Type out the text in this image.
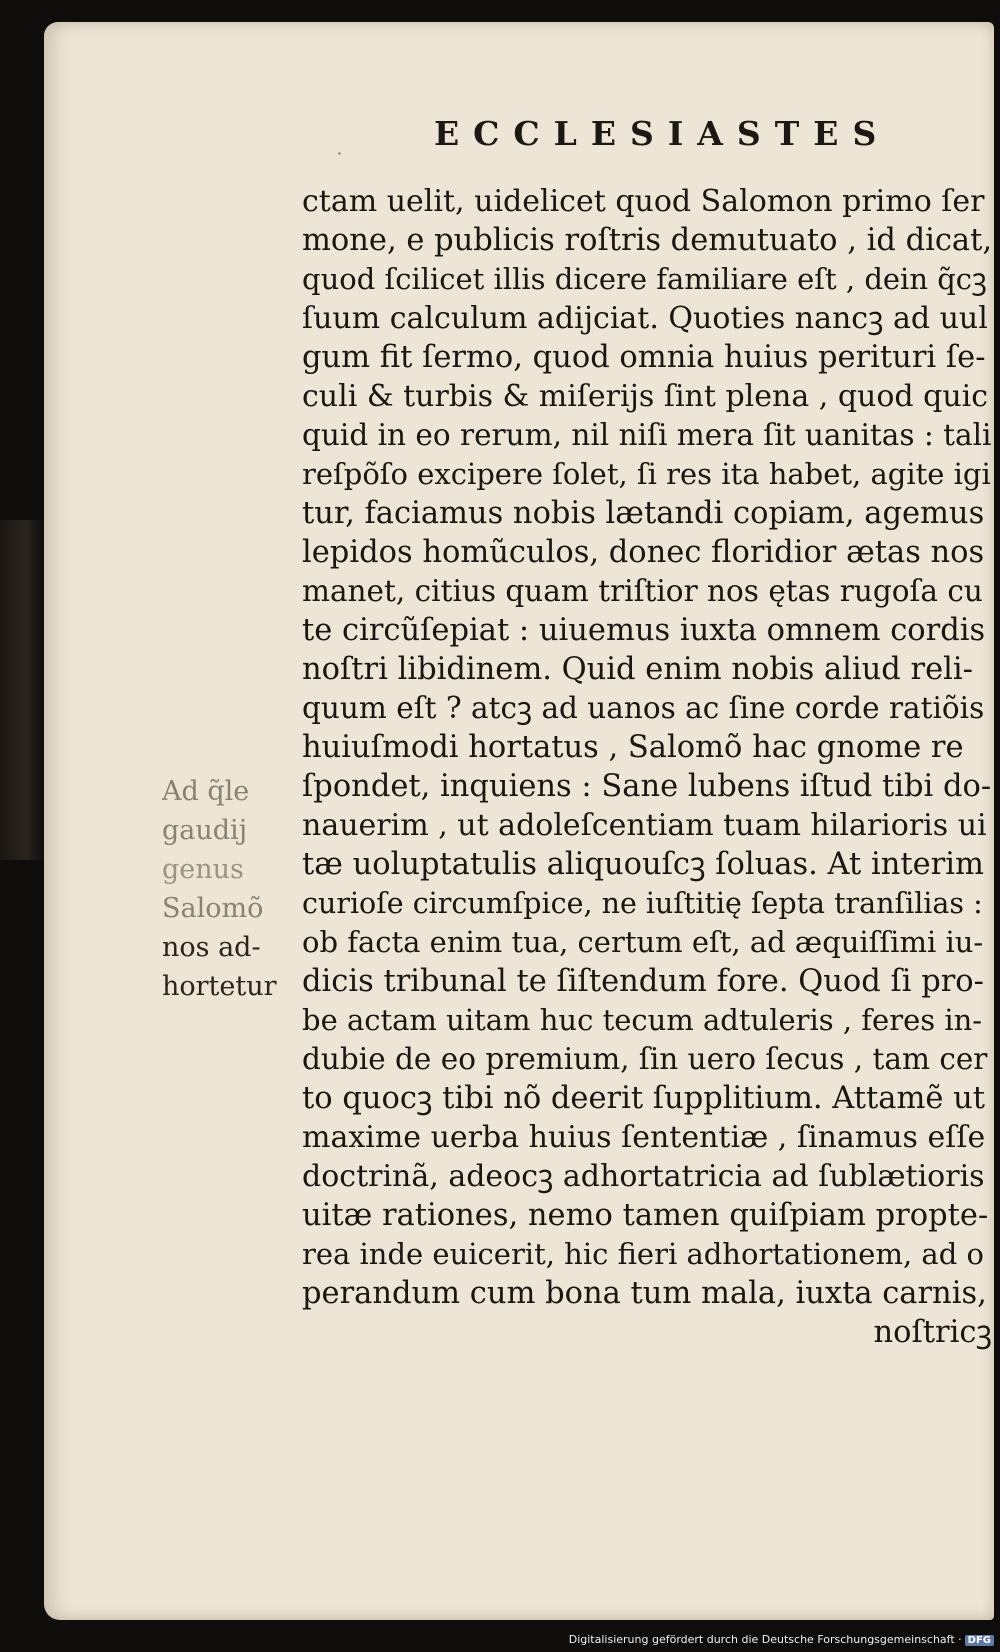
·
ECCLESIASTES
Ad q̃le
gaudij
genus
Salomõ
nos ad-
hortetur
ctam uelit, uidelicet quod Salomon primo ſer
mone, e publicis roſtris demutuato , id dicat,
quod ſcilicet illis dicere familiare eſt , dein q̃cꝫ
ſuum calculum adijciat. Quoties nancꝫ ad uul
gum fit ſermo, quod omnia huius perituri ſe-
culi & turbis & miſerijs ſint plena , quod quic
quid in eo rerum, nil niſi mera ſit uanitas : tali
reſpõſo excipere ſolet, ſi res ita habet, agite igi
tur, faciamus nobis lætandi copiam, agemus
lepidos homũculos, donec floridior ætas nos
manet, citius quam triſtior nos ętas rugoſa cu
te circũſepiat : uiuemus iuxta omnem cordis
noſtri libidinem. Quid enim nobis aliud reli-
quum eſt ? atcꝫ ad uanos ac ſine corde ratiõis
huiuſmodi hortatus , Salomõ hac gnome re
ſpondet, inquiens : Sane lubens iſtud tibi do-
nauerim , ut adoleſcentiam tuam hilarioris ui
tæ uoluptatulis aliquouſcꝫ ſoluas. At interim
curioſe circumſpice, ne iuſtitię ſepta tranſilias :
ob facta enim tua, certum eſt, ad æquiſſimi iu-
dicis tribunal te ſiſtendum fore. Quod ſi pro-
be actam uitam huc tecum adtuleris , feres in-
dubie de eo premium, ſin uero ſecus , tam cer
to quocꝫ tibi nõ deerit ſupplitium. Attamẽ ut
maxime uerba huius ſententiæ , ſinamus eſſe
doctrinã, adeocꝫ adhortatricia ad ſublætioris
uitæ rationes, nemo tamen quiſpiam propte-
rea inde euicerit, hic fieri adhortationem, ad o
perandum cum bona tum mala, iuxta carnis,
noſtricꝫ
Digitalisierung gefördert durch die Deutsche Forschungsgemeinschaft · DFG
